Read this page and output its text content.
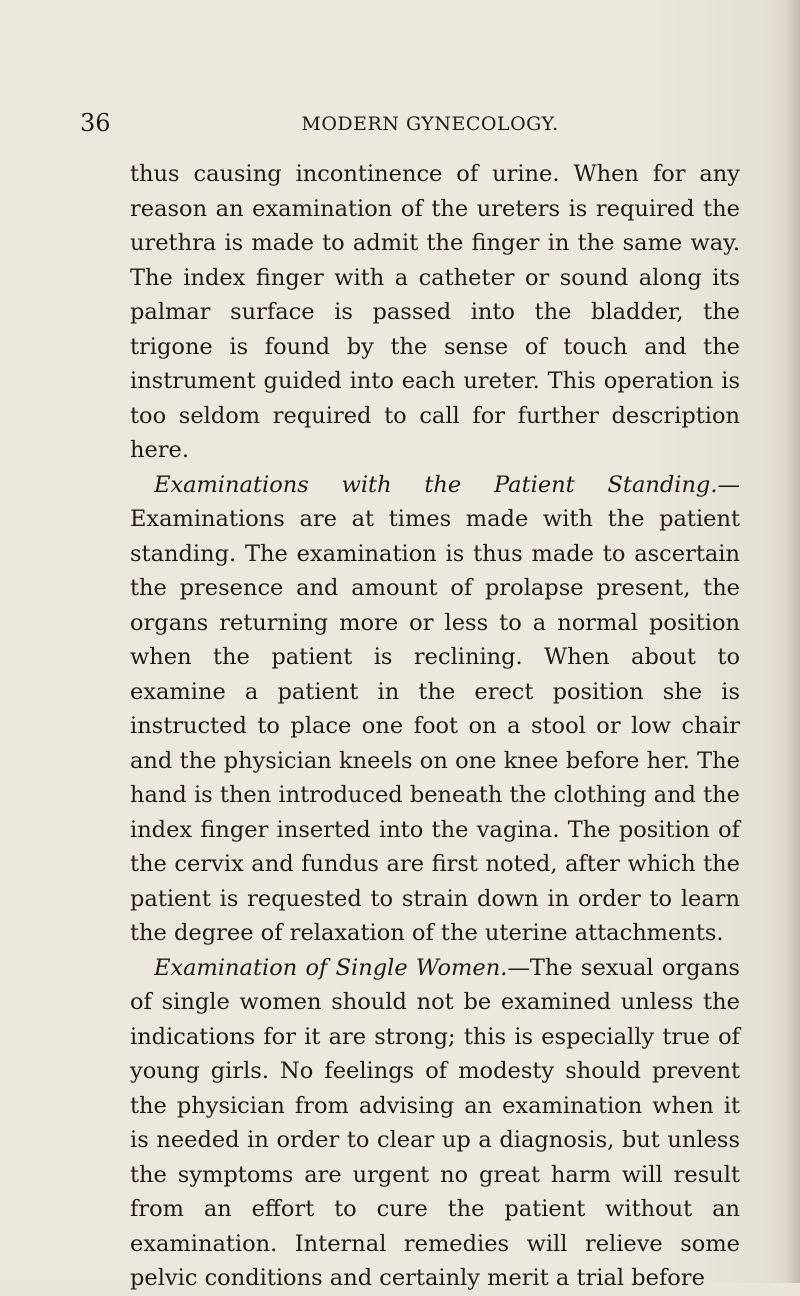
36	MODERN GYNECOLOGY.

thus causing incontinence of urine. When for any reason an examination of the ureters is required the urethra is made to admit the finger in the same way. The index finger with a catheter or sound along its palmar surface is passed into the bladder, the trigone is found by the sense of touch and the instrument guided into each ureter. This operation is too seldom required to call for further description here.

Examinations with the Patient Standing.—Examinations are at times made with the patient standing. The examination is thus made to ascertain the presence and amount of prolapse present, the organs returning more or less to a normal position when the patient is reclining. When about to examine a patient in the erect position she is instructed to place one foot on a stool or low chair and the physician kneels on one knee before her. The hand is then introduced beneath the clothing and the index finger inserted into the vagina. The position of the cervix and fundus are first noted, after which the patient is requested to strain down in order to learn the degree of relaxation of the uterine attachments.

Examination of Single Women.—The sexual organs of single women should not be examined unless the indications for it are strong; this is especially true of young girls. No feelings of modesty should prevent the physician from advising an examination when it is needed in order to clear up a diagnosis, but unless the symptoms are urgent no great harm will result from an effort to cure the patient without an examination. Internal remedies will relieve some pelvic conditions and certainly merit a trial before
